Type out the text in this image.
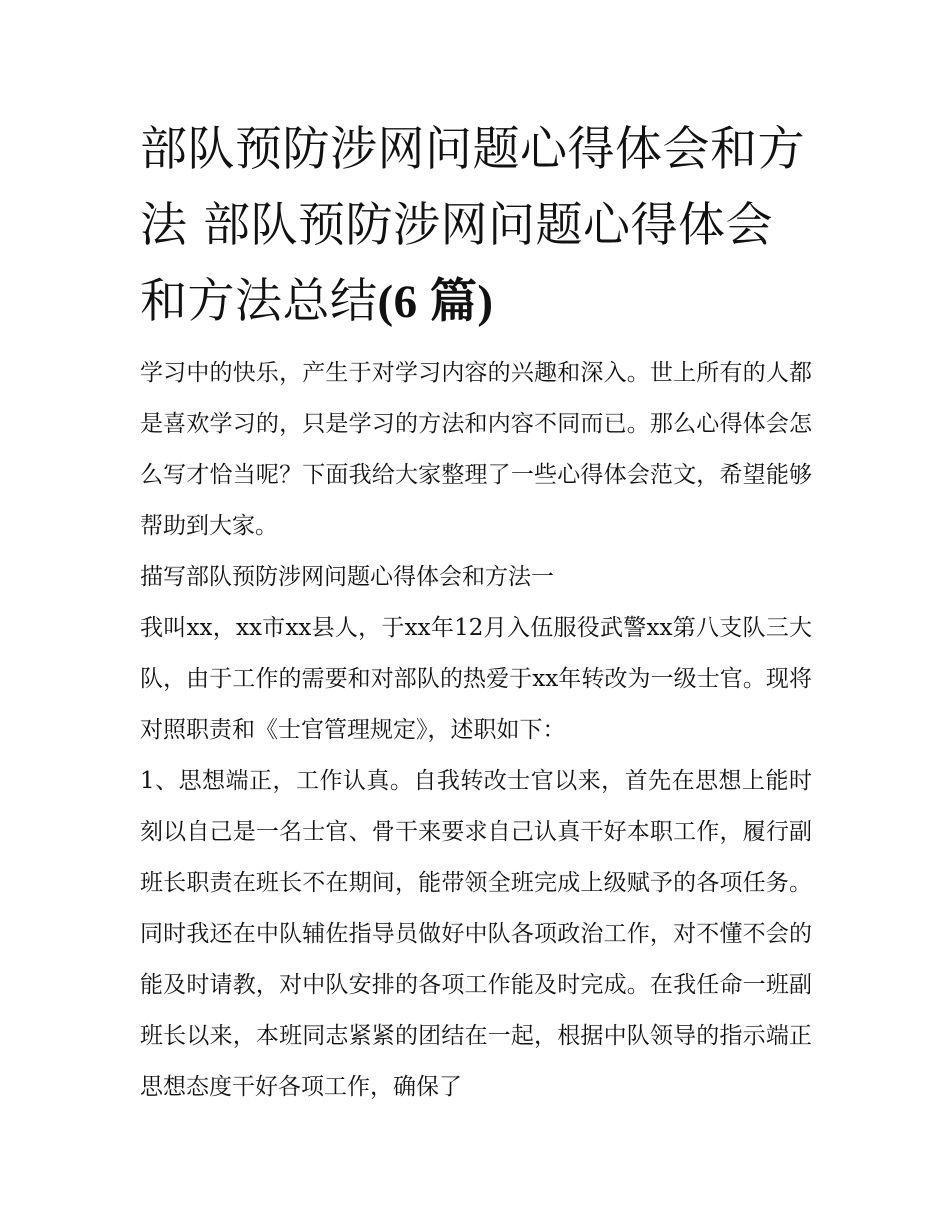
部队预防涉网问题心得体会和方法 部队预防涉网问题心得体会和方法总结(6 篇)

学习中的快乐，产生于对学习内容的兴趣和深入。世上所有的人都是喜欢学习的，只是学习的方法和内容不同而已。那么心得体会怎么写才恰当呢？下面我给大家整理了一些心得体会范文，希望能够帮助到大家。

描写部队预防涉网问题心得体会和方法一

我叫xx，xx市xx县人，于xx年12月入伍服役武警xx第八支队三大队，由于工作的需要和对部队的热爱于xx年转改为一级士官。现将对照职责和《士官管理规定》，述职如下：

1、思想端正，工作认真。自我转改士官以来，首先在思想上能时刻以自己是一名士官、骨干来要求自己认真干好本职工作，履行副班长职责在班长不在期间，能带领全班完成上级赋予的各项任务。同时我还在中队辅佐指导员做好中队各项政治工作，对不懂不会的能及时请教，对中队安排的各项工作能及时完成。在我任命一班副班长以来，本班同志紧紧的团结在一起，根据中队领导的指示端正思想态度干好各项工作，确保了
